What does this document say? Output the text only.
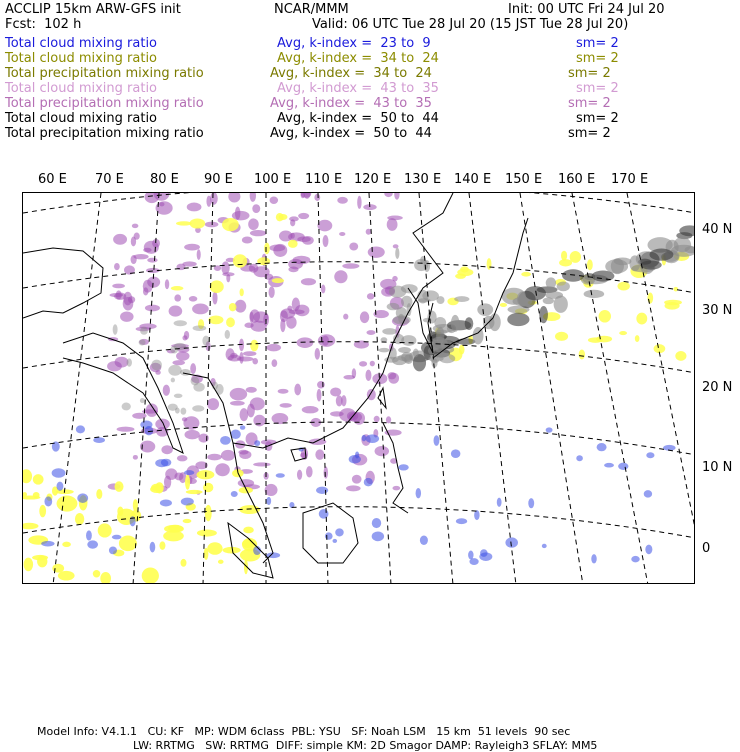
ACCLIP 15km ARW-GFS init	NCAR/MMM	Init: 00 UTC Fri 24 Jul 20
Fcst:  102 h	Valid: 06 UTC Tue 28 Jul 20 (15 JST Tue 28 Jul 20)
Total cloud mixing ratio	Avg, k-index =  23 to  9	sm= 2
Total cloud mixing ratio	Avg, k-index =  34 to  24	sm= 2
Total precipitation mixing ratio	Avg, k-index =  34 to  24	sm= 2
Total cloud mixing ratio	Avg, k-index =  43 to  35	sm= 2
Total precipitation mixing ratio	Avg, k-index =  43 to  35	sm= 2
Total cloud mixing ratio	Avg, k-index =  50 to  44	sm= 2
Total precipitation mixing ratio	Avg, k-index =  50 to  44	sm= 2
60 E 70 E 80 E 90 E 100 E 110 E 120 E 130 E 140 E 150 E 160 E 170 E
40 N
30 N
20 N
10 N
0

Model Info: V4.1.1 CU: KF MP: WDM 6class PBL: YSU SF: Noah LSM 15 km 51 levels 90 sec

LW: RRTMG SW: RRTMG DIFF: simple KM: 2D Smagor DAMP: Rayleigh3 SFLAY: MM5
